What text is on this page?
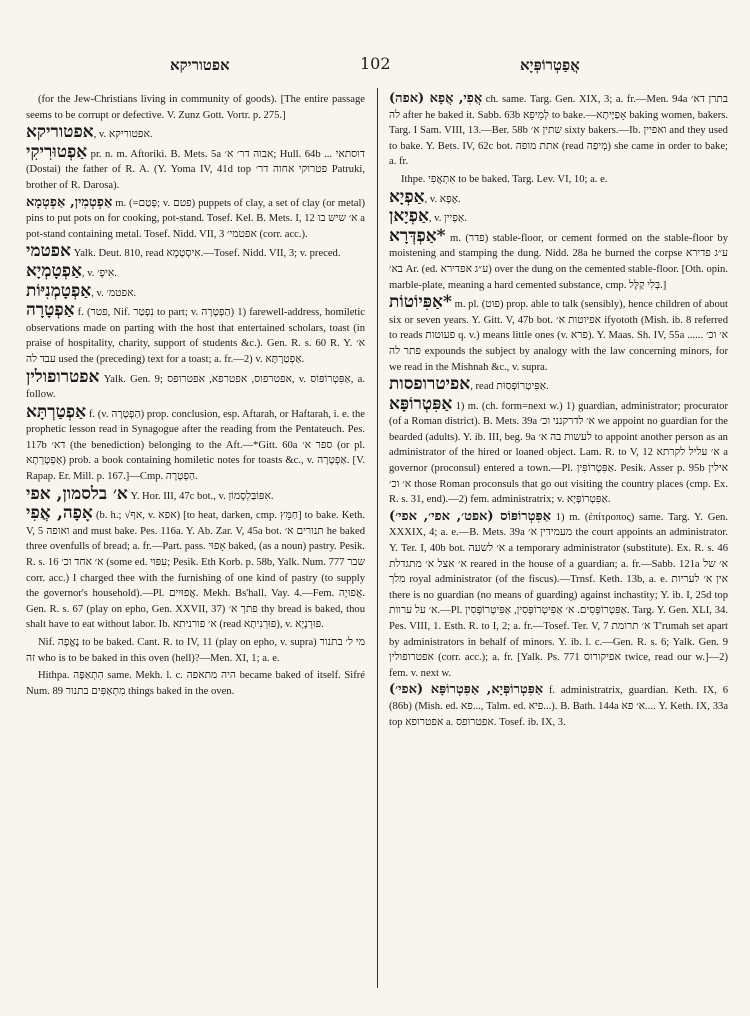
אפטוריקא	102	אֲפַטְרוֹפְּיָא
(for the Jew-Christians living in community of goods). [The entire passage seems to be corrupt or defective. V. Zunz Gott. Vortr. p. 275.]
אפטוריקא, v. אפטוריקא.
אַפְטוּרִיקִי pr. n. m. Aftoriki. B. Mets. 5a אבוה דר׳ א׳; Hull. 64b ... דוסתאי (Dostai) the father of R. A. (Y. Yoma IV, 41d top פטרוקי אחוה דר׳ Patruki, brother of R. Darosa).
אַפְטְמִין, אַפְטְמָא m. (=פְּטַם; v. פטם) puppets of clay, a set of clay (or metal) pins to put pots on for cooking, pot-stand. Tosef. Kel. B. Mets. I, 12 א׳ שיש בו a pot-stand containing metal. Tosef. Nidd. VII, 3 אפטמי׳ (corr. acc.).
אפטמי Yalk. Deut. 810, read אִיסְטְמָא.—Tosef. Nidd. VII, 3; v. preced.
אַפְטָמְיָא, v. אִיפְ׳.
אַפְטָמְנִיּוֹת, v. אפטמ׳.
אַפְטָרָה f. (פטר, Nif. נִפְטַר to part; v. הַפְטָרָה) 1) farewell-address, homiletic observations made on parting with the host that entertained scholars, toast (in praise of hospitality, charity, support of students &c.). Gen. R. s. 60 R. Y. א׳ עבד לה used the (preceding) text for a toast; a. fr.—2) v. אַפְטַרְתָּא.
אפטרופולין Yalk. Gen. 9; אפטרפוס, אפטרפא, אפטרופס, v. אַפִּטְרוֹפּוֹס, a. follow.
אַפְטַרְתָּא f. (v. הַפְטָרָה) prop. conclusion, esp. Aftarah, or Haftarah, i. e. the prophetic lesson read in Synagogue after the reading from the Pentateuch. Pes. 117b דא׳ (the benediction) belonging to the Aft.—*Gitt. 60a ספר א׳ (or pl. אַפְטָרְתָא) prob. a book containing homiletic notes for toasts &c., v. אַפְטָרָה. [V. Rapap. Er. Mill. p. 167.]—Cmp. הַפְטָרָה.
א׳ בלסמון, אפי Y. Hor. III, 47c bot., v. אִפּוֹבַּלְסָמוֹן.
אָפָה, אֲפִי (b. h.; √אף, v. אפא) [to heat, darken, cmp. חַמֵּץ] to bake. Keth. V, 5 ואופה and must bake. Pes. 116a. Y. Ab. Zar. V, 45a bot. תנורים א׳ he baked three ovenfulls of bread; a. fr.—Part. pass. אָפוּי baked, (as a noun) pastry. Pesik. R. s. 16 א׳ אחד וכ׳ (some ed. עִפּוּי; Pesik. Eth Korb. p. 58b, Yalk. Num. 777 שבר corr. acc.) I charged thee with the furnishing of one kind of pastry (to supply the governor's household).—Pl. אֲפוּיִים. Mekh. Bs'hall. Vay. 4.—Fem. אֲפוּיָה. Gen. R. s. 67 (play on epho, Gen. XXVII, 37) פתך א׳ thy bread is baked, thou shalt have to eat without labor. Ib. א׳ פורניתא (read פּוּרְנִיתָא), v. פּוּרְנָיָא.
Nif. נֶאֱפָה to be baked. Cant. R. to IV, 11 (play on epho, v. supra) מי ל׳ בתנור זה who is to be baked in this oven (hell)?—Men. XI, 1; a. e.
Hithpa. הִתְאַפָּה same. Mekh. l. c. היה מתאפה became baked of itself. Sifré Num. 89 מִתְאַפִּים בתנור things baked in the oven.
אֲפִי, אֲפָא (אפה) ch. same. Targ. Gen. XIX, 3; a. fr.—Men. 94a בתרן דא׳ לה after he baked it. Sabb. 63b לְמֵיפֵא to bake.—אָפַיָּיתָא baking women, bakers. Targ. I Sam. VIII, 13.—Ber. 58b שתין א׳ sixty bakers.—Ib. ואפיין and they used to bake. Y. Bets. IV, 62c bot. אתת מופה (read מְיפַה) she came in order to bake; a. fr.
Ithpe. אִתְאֲפִי to be baked. Targ. Lev. VI, 10; a. e.
אַפְיָא, v. אֶפָא.
אַפְיָאן, v. אַפְיין.
*אַפְדְּרָא m. (פדר) stable-floor, or cement formed on the stable-floor by moistening and stamping the dung. Nidd. 28a he burned the corpse ע״ג פדירא בא׳ Ar. (ed. ע״ג אפדירא) over the dung on the cemented stable-floor. [Oth. opin. marble-plate, meaning a hard cemented substance, cmp. בְּלִי קַלָּל.]
*אַפִּיוֹטוֹת m. pl. (פוט) prop. able to talk (sensibly), hence children of about six or seven years. Y. Gitt. V, 47b bot. אפיוטות א׳ ifyototh (Mish. ib. 8 referred to reads פעוטות q. v.) means little ones (v. פרא). Y. Maas. Sh. IV, 55a א׳ וכ׳ ...... פתר לה expounds the subject by analogy with the law concerning minors, for we read in the Mishnah &c., v. supra.
אפיטרופסות, read אַפִּיטְרוֹפְּסוּת.
אַפִּטְרוֹפָּא 1) m. (ch. form=next w.) 1) guardian, administrator; procurator (of a Roman district). B. Mets. 39a א׳ לדרקנני וכ׳ we appoint no guardian for the bearded (adults). Y. ib. III, beg. 9a לעשות בה א׳ to appoint another person as an administrator of the hired or loaned object. Lam. R. to V, 12 א׳ עליל לקרתא a governor (proconsul) entered a town.—Pl. אַפִּטְרוֹפִּין. Pesik. Asser p. 95b אילין א׳ וכ׳ those Roman proconsuls that go out visiting the country places (cmp. Ex. R. s. 31, end).—2) fem. administratrix; v. אַפִּטְרוֹפְּיָא.
אַפִּטְרוֹפּוֹס (אפט׳, אפי׳, אפי׳) 1) m. (ἐπίτροπος) same. Targ. Y. Gen. XXXIX, 4; a. e.—B. Mets. 39a מעמידין א׳ the court appoints an administrator. Y. Ter. I, 40b bot. א׳ לשעה a temporary administrator (substitute). Ex. R. s. 46 א׳ אצל א׳ מתגדלת reared in the house of a guardian; a. fr.—Sabb. 121a א׳ של מלך royal administrator (of the fiscus).—Trnsf. Keth. 13b, a. e. אין א׳ לעריות there is no guardian (no means of guarding) against inchastity; Y. ib. I, 25d top א׳ על ערוות.—Pl. אַפִּטְרוֹפְּסִים. א׳ אַפִּיטְרוֹפְּסִין, אַפִּיטְרוֹפְּסִין. Targ. Y. Gen. XLI, 34. Pes. VIII, 1. Esth. R. to I, 2; a. fr.—Tosef. Ter. V, 7 א׳ תרומת T'rumah set apart by administrators in behalf of minors. Y. ib. l. c.—Gen. R. s. 6; Yalk. Gen. 9 אפטרופולין (corr. acc.); a. fr. [Yalk. Ps. 771 אפיקורוס twice, read our w.]—2) fem. v. next w.
אַפִּטְרוֹפְּיָא, אַפִּטְרוֹפָּא (אפי׳) f. administratrix, guardian. Keth. IX, 6 (86b) (Mish. ed. פא..., Talm. ed. פיא...). B. Bath. 144a א׳ פא.... Y. Keth. IX, 33a top אפטרופא a. אפטרופס. Tosef. ib. IX, 3.
